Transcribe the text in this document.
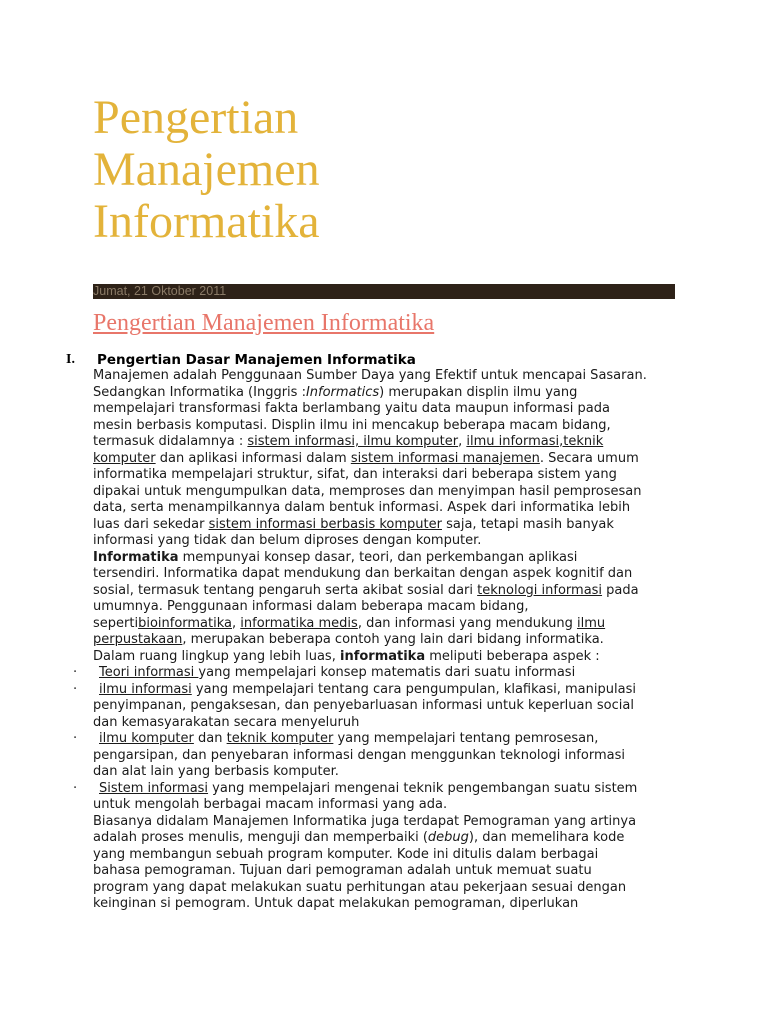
Pengertian
Manajemen
Informatika
Jumat, 21 Oktober 2011
Pengertian Manajemen Informatika
I. Pengertian Dasar Manajemen Informatika
Manajemen adalah Penggunaan Sumber Daya yang Efektif untuk mencapai Sasaran.
Sedangkan Informatika (Inggris :Informatics) merupakan displin ilmu yang
mempelajari transformasi fakta berlambang yaitu data maupun informasi pada
mesin berbasis komputasi. Displin ilmu ini mencakup beberapa macam bidang,
termasuk didalamnya : sistem informasi, ilmu komputer, ilmu informasi,teknik
komputer dan aplikasi informasi dalam sistem informasi manajemen. Secara umum
informatika mempelajari struktur, sifat, dan interaksi dari beberapa sistem yang
dipakai untuk mengumpulkan data, memproses dan menyimpan hasil pemprosesan
data, serta menampilkannya dalam bentuk informasi. Aspek dari informatika lebih
luas dari sekedar sistem informasi berbasis komputer saja, tetapi masih banyak
informasi yang tidak dan belum diproses dengan komputer.
Informatika mempunyai konsep dasar, teori, dan perkembangan aplikasi
tersendiri. Informatika dapat mendukung dan berkaitan dengan aspek kognitif dan
sosial, termasuk tentang pengaruh serta akibat sosial dari teknologi informasi pada
umumnya. Penggunaan informasi dalam beberapa macam bidang,
sepertibioinformatika, informatika medis, dan informasi yang mendukung ilmu
perpustakaan, merupakan beberapa contoh yang lain dari bidang informatika.
Dalam ruang lingkup yang lebih luas, informatika meliputi beberapa aspek :
· Teori informasi yang mempelajari konsep matematis dari suatu informasi
· ilmu informasi yang mempelajari tentang cara pengumpulan, klafikasi, manipulasi
penyimpanan, pengaksesan, dan penyebarluasan informasi untuk keperluan social
dan kemasyarakatan secara menyeluruh
· ilmu komputer dan teknik komputer yang mempelajari tentang pemrosesan,
pengarsipan, dan penyebaran informasi dengan menggunkan teknologi informasi
dan alat lain yang berbasis komputer.
· Sistem informasi yang mempelajari mengenai teknik pengembangan suatu sistem
untuk mengolah berbagai macam informasi yang ada.
Biasanya didalam Manajemen Informatika juga terdapat Pemograman yang artinya
adalah proses menulis, menguji dan memperbaiki (debug), dan memelihara kode
yang membangun sebuah program komputer. Kode ini ditulis dalam berbagai
bahasa pemograman. Tujuan dari pemograman adalah untuk memuat suatu
program yang dapat melakukan suatu perhitungan atau pekerjaan sesuai dengan
keinginan si pemogram. Untuk dapat melakukan pemograman, diperlukan
